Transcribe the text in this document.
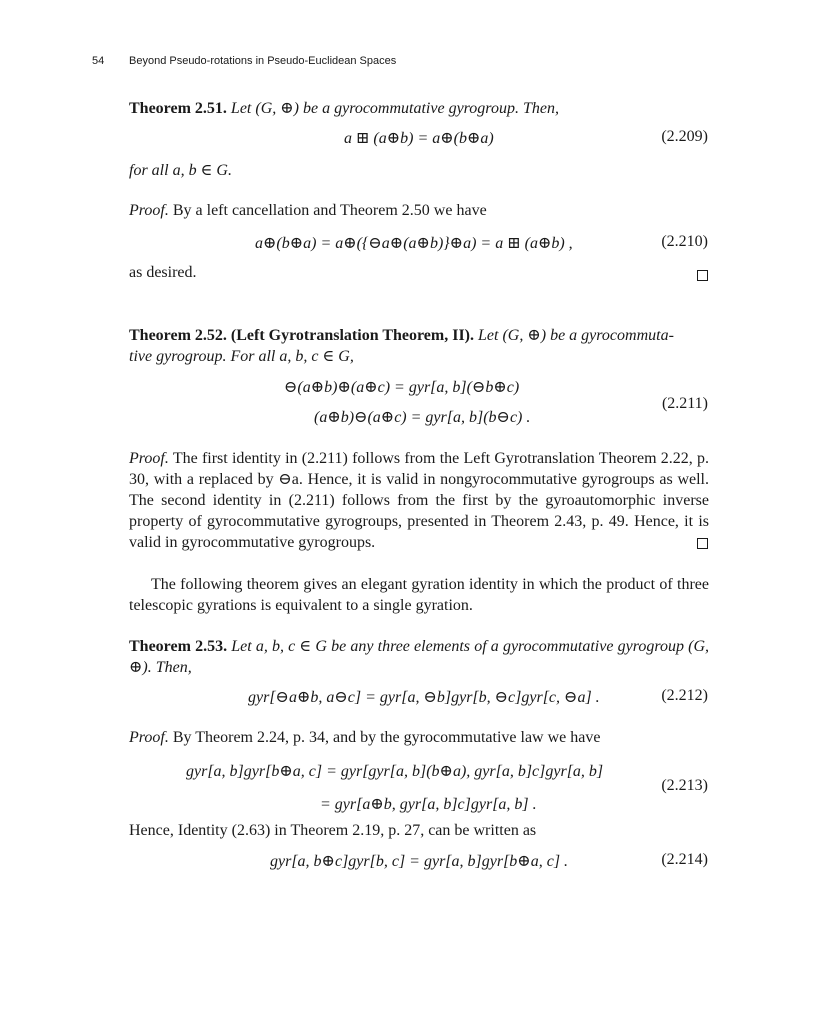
54 Beyond Pseudo-rotations in Pseudo-Euclidean Spaces
Theorem 2.51. Let (G, ⊕) be a gyrocommutative gyrogroup. Then,
a ⊞ (a⊕b) = a⊕(b⊕a)	(2.209)
for all a, b ∈ G.
Proof. By a left cancellation and Theorem 2.50 we have
a⊕(b⊕a) = a⊕({⊖a⊕(a⊕b)}⊕a) = a ⊞ (a⊕b) ,	(2.210)
as desired.
Theorem 2.52. (Left Gyrotranslation Theorem, II). Let (G, ⊕) be a gyrocommuta-
tive gyrogroup. For all a, b, c ∈ G,
⊖(a⊕b)⊕(a⊕c) = gyr[a, b](⊖b⊕c)
(a⊕b)⊖(a⊕c) = gyr[a, b](b⊖c) .
(2.211)
Proof. The first identity in (2.211) follows from the Left Gyrotranslation Theorem 2.22, p. 30, with a replaced by ⊖a. Hence, it is valid in nongyrocommutative gyrogroups as well. The second identity in (2.211) follows from the first by the gyroautomorphic inverse property of gyrocommutative gyrogroups, presented in Theorem 2.43, p. 49. Hence, it is valid in gyrocommutative gyrogroups.
The following theorem gives an elegant gyration identity in which the product of three telescopic gyrations is equivalent to a single gyration.
Theorem 2.53. Let a, b, c ∈ G be any three elements of a gyrocommutative gyrogroup (G, ⊕). Then,
gyr[⊖a⊕b, a⊖c] = gyr[a, ⊖b]gyr[b, ⊖c]gyr[c, ⊖a] .	(2.212)
Proof. By Theorem 2.24, p. 34, and by the gyrocommutative law we have
gyr[a, b]gyr[b⊕a, c] = gyr[gyr[a, b](b⊕a), gyr[a, b]c]gyr[a, b]
= gyr[a⊕b, gyr[a, b]c]gyr[a, b] .
(2.213)
Hence, Identity (2.63) in Theorem 2.19, p. 27, can be written as
gyr[a, b⊕c]gyr[b, c] = gyr[a, b]gyr[b⊕a, c] .	(2.214)
